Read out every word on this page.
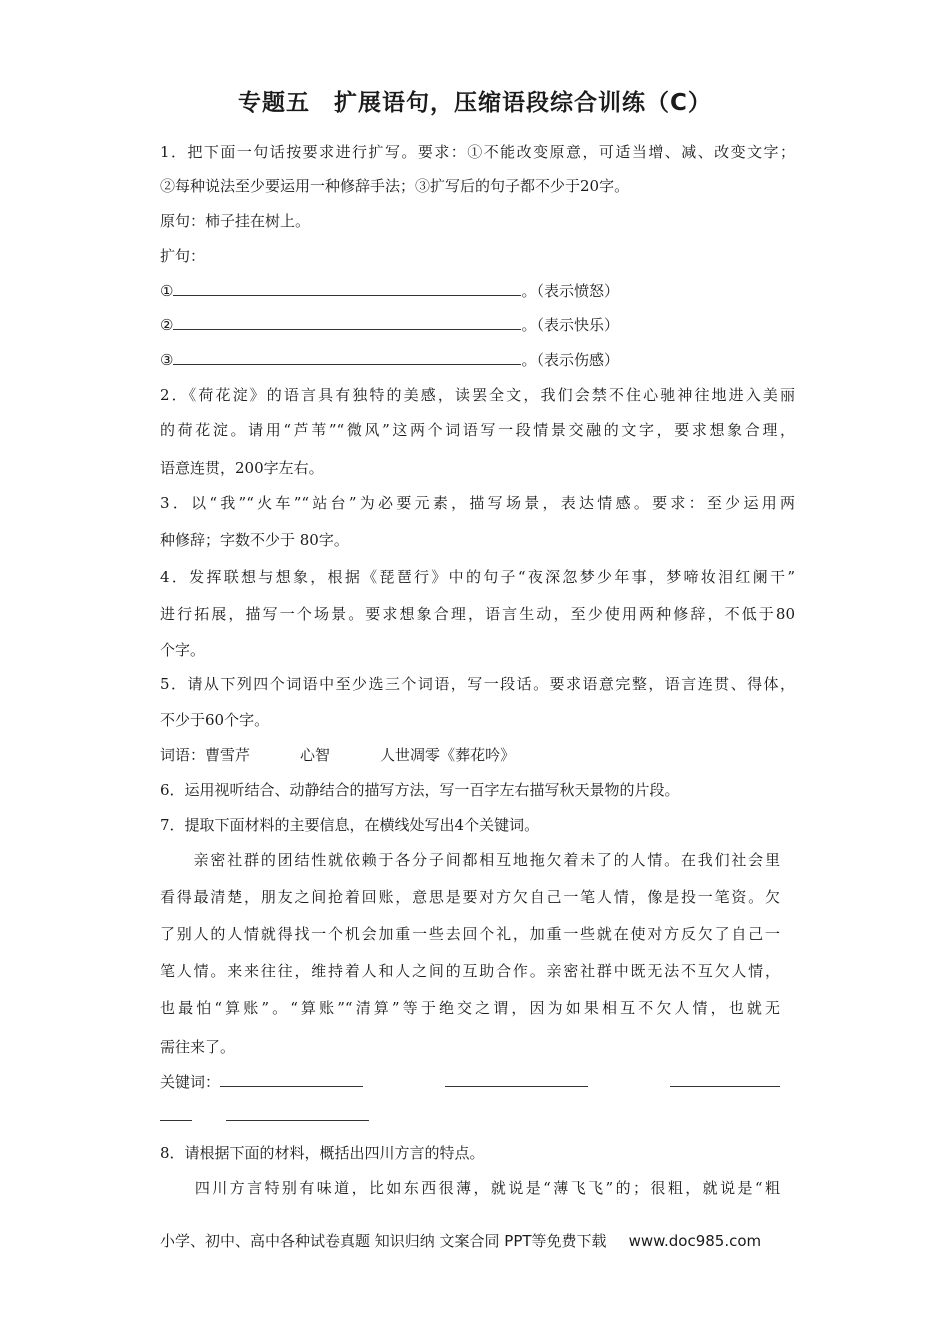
专题五　扩展语句，压缩语段综合训练（C）
1．把下面一句话按要求进行扩写。要求：①不能改变原意，可适当增、减、改变文字；
②每种说法至少要运用一种修辞手法；③扩写后的句子都不少于20字。
原句：柿子挂在树上。
扩句：
①	。（表示愤怒）
②	。（表示快乐）
③	。（表示伤感）
2．《荷花淀》的语言具有独特的美感，读罢全文，我们会禁不住心驰神往地进入美丽
的荷花淀。请用“芦苇”“微风”这两个词语写一段情景交融的文字，要求想象合理，
语意连贯，200字左右。
3．以“我”“火车”“站台”为必要元素，描写场景，表达情感。要求：至少运用两
种修辞；字数不少于 80字。
4．发挥联想与想象，根据《琵琶行》中的句子“夜深忽梦少年事，梦啼妆泪红阑干”
进行拓展，描写一个场景。要求想象合理，语言生动，至少使用两种修辞，不低于80
个字。
5．请从下列四个词语中至少选三个词语，写一段话。要求语意完整，语言连贯、得体，
不少于60个字。
词语：曹雪芹	心智	人世凋零《葬花吟》
6．运用视听结合、动静结合的描写方法，写一百字左右描写秋天景物的片段。
7．提取下面材料的主要信息，在横线处写出4个关键词。
　　亲密社群的团结性就依赖于各分子间都相互地拖欠着未了的人情。在我们社会里
看得最清楚，朋友之间抢着回账，意思是要对方欠自己一笔人情，像是投一笔资。欠
了别人的人情就得找一个机会加重一些去回个礼，加重一些就在使对方反欠了自己一
笔人情。来来往往，维持着人和人之间的互助合作。亲密社群中既无法不互欠人情，
也最怕“算账”。“算账”“清算”等于绝交之谓，因为如果相互不欠人情，也就无
需往来了。
关键词：
8．请根据下面的材料，概括出四川方言的特点。
　　四川方言特别有味道，比如东西很薄，就说是“薄飞飞”的；很粗，就说是“粗
小学、初中、高中各种试卷真题 知识归纳 文案合同 PPT等免费下载 www.doc985.com
